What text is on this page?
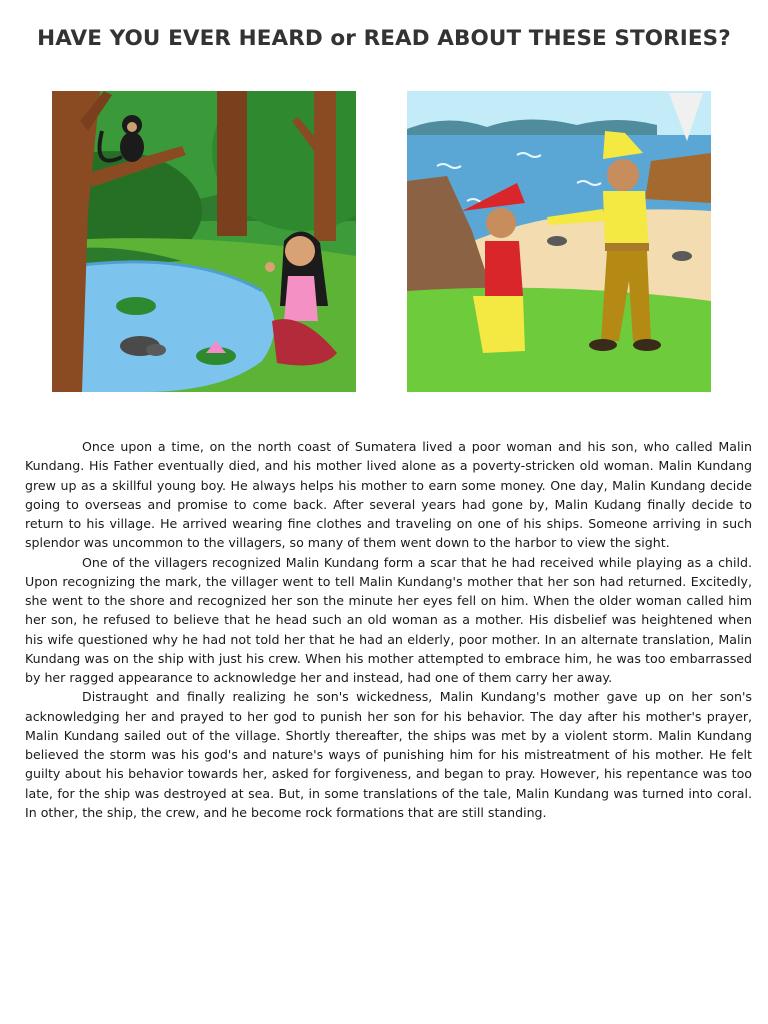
HAVE YOU EVER HEARD or READ ABOUT THESE STORIES?

Once upon a time, on the north coast of Sumatera lived a poor woman and his son, who called Malin Kundang. His Father eventually died, and his mother lived alone as a poverty-stricken old woman. Malin Kundang grew up as a skillful young boy. He always helps his mother to earn some money. One day, Malin Kundang decide going to overseas and promise to come back. After several years had gone by, Malin Kudang finally decide to return to his village. He arrived wearing fine clothes and traveling on one of his ships. Someone arriving in such splendor was uncommon to the villagers, so many of them went down to the harbor to view the sight.

One of the villagers recognized Malin Kundang form a scar that he had received while playing as a child. Upon recognizing the mark, the villager went to tell Malin Kundang's mother that her son had returned. Excitedly, she went to the shore and recognized her son the minute her eyes fell on him. When the older woman called him her son, he refused to believe that he head such an old woman as a mother. His disbelief was heightened when his wife questioned why he had not told her that he had an elderly, poor mother. In an alternate translation, Malin Kundang was on the ship with just his crew. When his mother attempted to embrace him, he was too embarrassed by her ragged appearance to acknowledge her and instead, had one of them carry her away.

Distraught and finally realizing he son's wickedness, Malin Kundang's mother gave up on her son's acknowledging her and prayed to her god to punish her son for his behavior. The day after his mother's prayer, Malin Kundang sailed out of the village. Shortly thereafter, the ships was met by a violent storm. Malin Kundang believed the storm was his god's and nature's ways of punishing him for his mistreatment of his mother. He felt guilty about his behavior towards her, asked for forgiveness, and began to pray. However, his repentance was too late, for the ship was destroyed at sea. But, in some translations of the tale, Malin Kundang was turned into coral. In other, the ship, the crew, and he become rock formations that are still standing.
